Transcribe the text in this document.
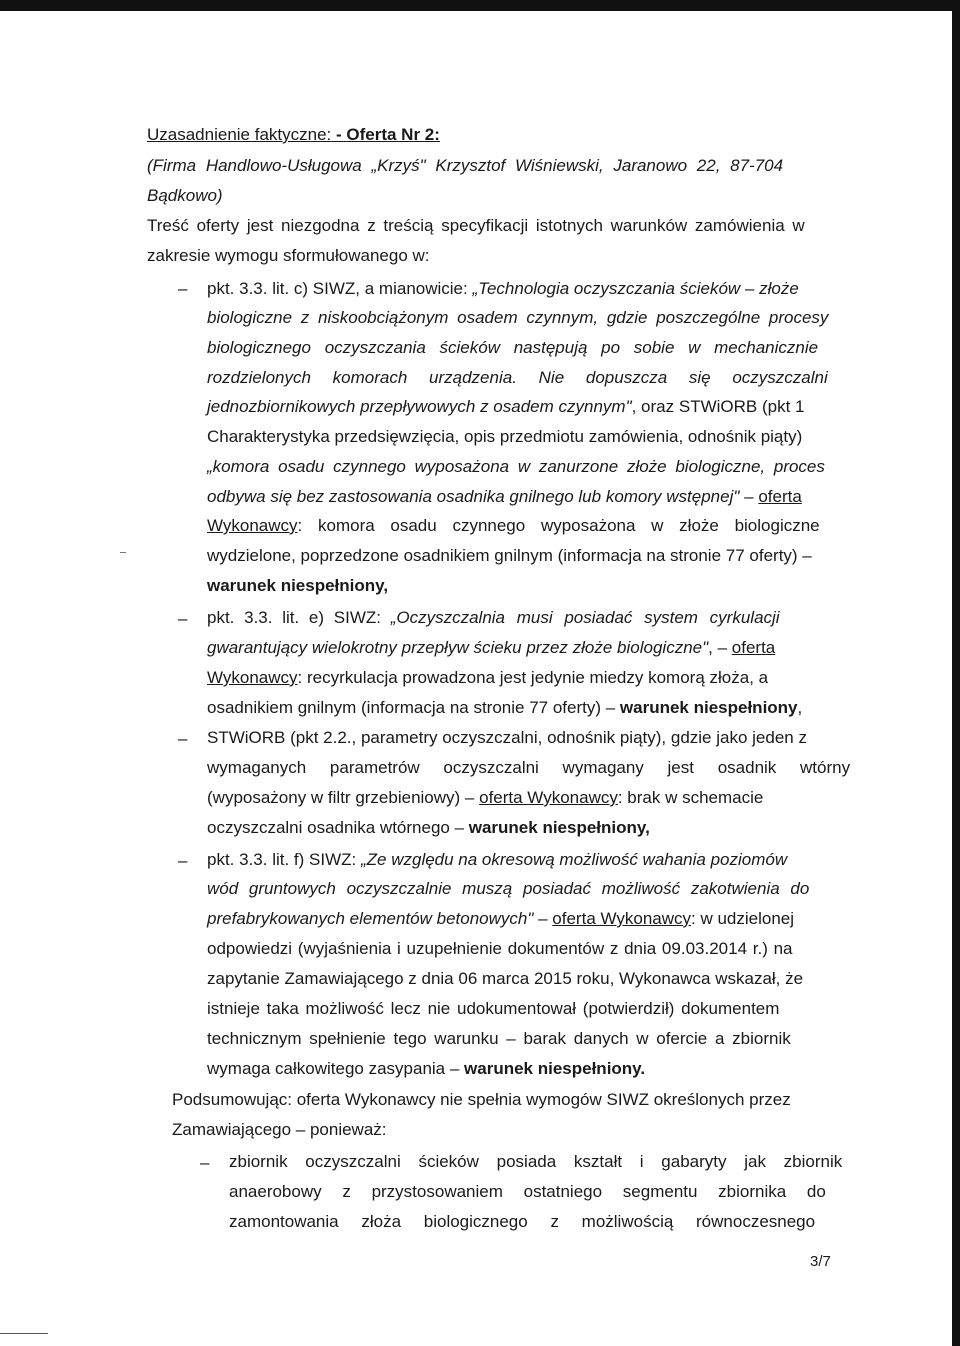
Uzasadnienie faktyczne: - Oferta Nr 2:
(Firma Handlowo-Usługowa „Krzyś" Krzysztof Wiśniewski, Jaranowo 22, 87-704
Bądkowo)
Treść oferty jest niezgodna z treścią specyfikacji istotnych warunków zamówienia w
zakresie wymogu sformułowanego w:
– pkt. 3.3. lit. c) SIWZ, a mianowicie: „Technologia oczyszczania ścieków – złoże
biologiczne z niskoobciążonym osadem czynnym, gdzie poszczególne procesy
biologicznego oczyszczania ścieków następują po sobie w mechanicznie
rozdzielonych komorach urządzenia. Nie dopuszcza się oczyszczalni
jednozbiornikowych przepływowych z osadem czynnym" , oraz STWiORB (pkt 1
Charakterystyka przedsięwzięcia, opis przedmiotu zamówienia, odnośnik piąty)
„komora osadu czynnego wyposażona w zanurzone złoże biologiczne, proces
odbywa się bez zastosowania osadnika gnilnego lub komory wstępnej" – oferta
Wykonawcy : komora osadu czynnego wyposażona w złoże biologiczne
wydzielone, poprzedzone osadnikiem gnilnym (informacja na stronie 77 oferty) –
warunek niespełniony,
– pkt. 3.3. lit. e) SIWZ: „Oczyszczalnia musi posiadać system cyrkulacji
gwarantujący wielokrotny przepływ ścieku przez złoże biologiczne" , – oferta
Wykonawcy : recyrkulacja prowadzona jest jedynie miedzy komorą złoża, a
osadnikiem gnilnym (informacja na stronie 77 oferty) – warunek niespełniony ,
– STWiORB (pkt 2.2., parametry oczyszczalni, odnośnik piąty), gdzie jako jeden z
wymaganych parametrów oczyszczalni wymagany jest osadnik wtórny
(wyposażony w filtr grzebieniowy) – oferta Wykonawcy : brak w schemacie
oczyszczalni osadnika wtórnego – warunek niespełniony,
– pkt. 3.3. lit. f) SIWZ: „Ze względu na okresową możliwość wahania poziomów
wód gruntowych oczyszczalnie muszą posiadać możliwość zakotwienia do
prefabrykowanych elementów betonowych" – oferta Wykonawcy : w udzielonej
odpowiedzi (wyjaśnienia i uzupełnienie dokumentów z dnia 09.03.2014 r.) na
zapytanie Zamawiającego z dnia 06 marca 2015 roku, Wykonawca wskazał, że
istnieje taka możliwość lecz nie udokumentował (potwierdził) dokumentem
technicznym spełnienie tego warunku – barak danych w ofercie a zbiornik
wymaga całkowitego zasypania – warunek niespełniony.
Podsumowując: oferta Wykonawcy nie spełnia wymogów SIWZ określonych przez
Zamawiającego – ponieważ:
– zbiornik oczyszczalni ścieków posiada kształt i gabaryty jak zbiornik
anaerobowy z przystosowaniem ostatniego segmentu zbiornika do
zamontowania złoża biologicznego z możliwością równoczesnego
3/7
